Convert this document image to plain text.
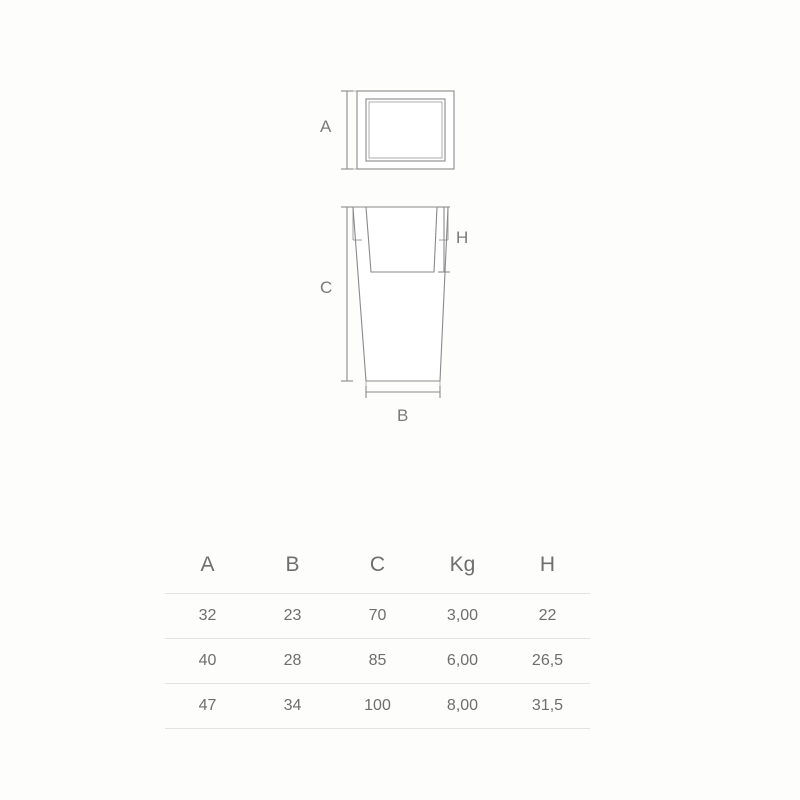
A
C
H
B
A	B	C	Kg	H
32	23	70	3,00	22
40	28	85	6,00	26,5
47	34	100	8,00	31,5
